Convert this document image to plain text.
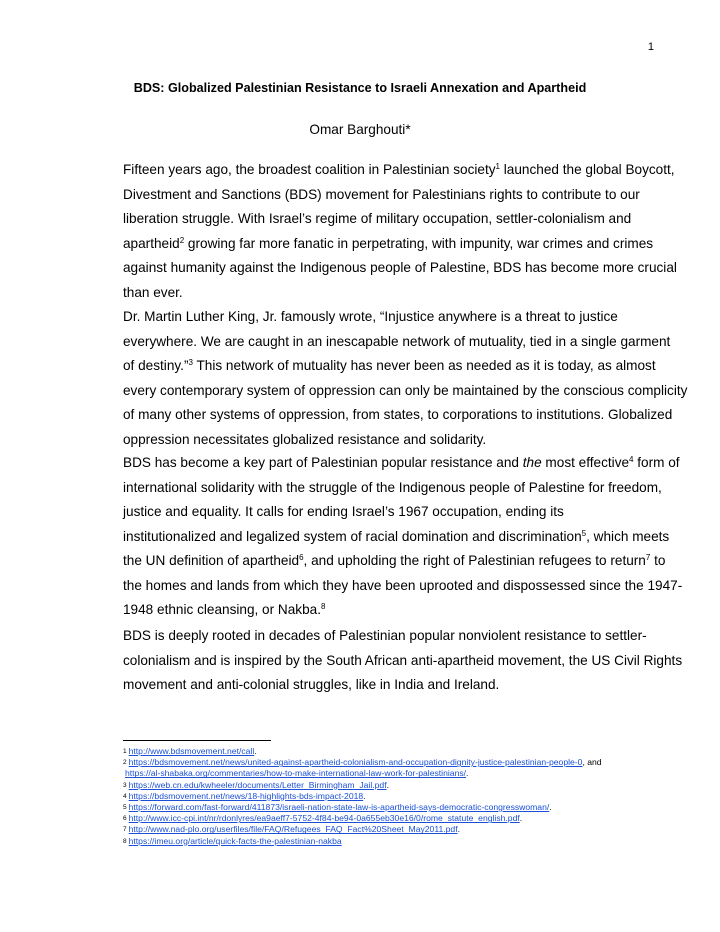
1
BDS: Globalized Palestinian Resistance to Israeli Annexation and Apartheid
Omar Barghouti*
Fifteen years ago, the broadest coalition in Palestinian society$^1$ launched the global Boycott,
Divestment and Sanctions (BDS) movement for Palestinians rights to contribute to our
liberation struggle. With Israel’s regime of military occupation, settler-colonialism and
apartheid$^2$ growing far more fanatic in perpetrating, with impunity, war crimes and crimes
against humanity against the Indigenous people of Palestine, BDS has become more crucial
than ever.
Dr. Martin Luther King, Jr. famously wrote, “Injustice anywhere is a threat to justice
everywhere. We are caught in an inescapable network of mutuality, tied in a single garment
of destiny.”$^3$ This network of mutuality has never been as needed as it is today, as almost
every contemporary system of oppression can only be maintained by the conscious complicity
of many other systems of oppression, from states, to corporations to institutions. Globalized
oppression necessitates globalized resistance and solidarity.
BDS has become a key part of Palestinian popular resistance and the most effective$^4$ form of
international solidarity with the struggle of the Indigenous people of Palestine for freedom,
justice and equality. It calls for ending Israel’s 1967 occupation, ending its
institutionalized and legalized system of racial domination and discrimination$^5$, which meets
the UN definition of apartheid$^6$, and upholding the right of Palestinian refugees to return$^7$ to
the homes and lands from which they have been uprooted and dispossessed since the 1947-
1948 ethnic cleansing, or Nakba.$^8$
BDS is deeply rooted in decades of Palestinian popular nonviolent resistance to settler-
colonialism and is inspired by the South African anti-apartheid movement, the US Civil Rights
movement and anti-colonial struggles, like in India and Ireland.
$^1$ http://www.bdsmovement.net/call.
$^2$ https://bdsmovement.net/news/united-against-apartheid-colonialism-and-occupation-dignity-justice-palestinian-people-0, and
https://al-shabaka.org/commentaries/how-to-make-international-law-work-for-palestinians/.
$^3$ https://web.cn.edu/kwheeler/documents/Letter_Birmingham_Jail.pdf.
$^4$ https://bdsmovement.net/news/18-highlights-bds-impact-2018.
$^5$ https://forward.com/fast-forward/411873/israeli-nation-state-law-is-apartheid-says-democratic-congresswoman/.
$^6$ http://www.icc-cpi.int/nr/rdonlyres/ea9aeff7-5752-4f84-be94-0a655eb30e16/0/rome_statute_english.pdf.
$^7$ http://www.nad-plo.org/userfiles/file/FAQ/Refugees_FAQ_Fact%20Sheet_May2011.pdf.
$^8$ https://imeu.org/article/quick-facts-the-palestinian-nakba
